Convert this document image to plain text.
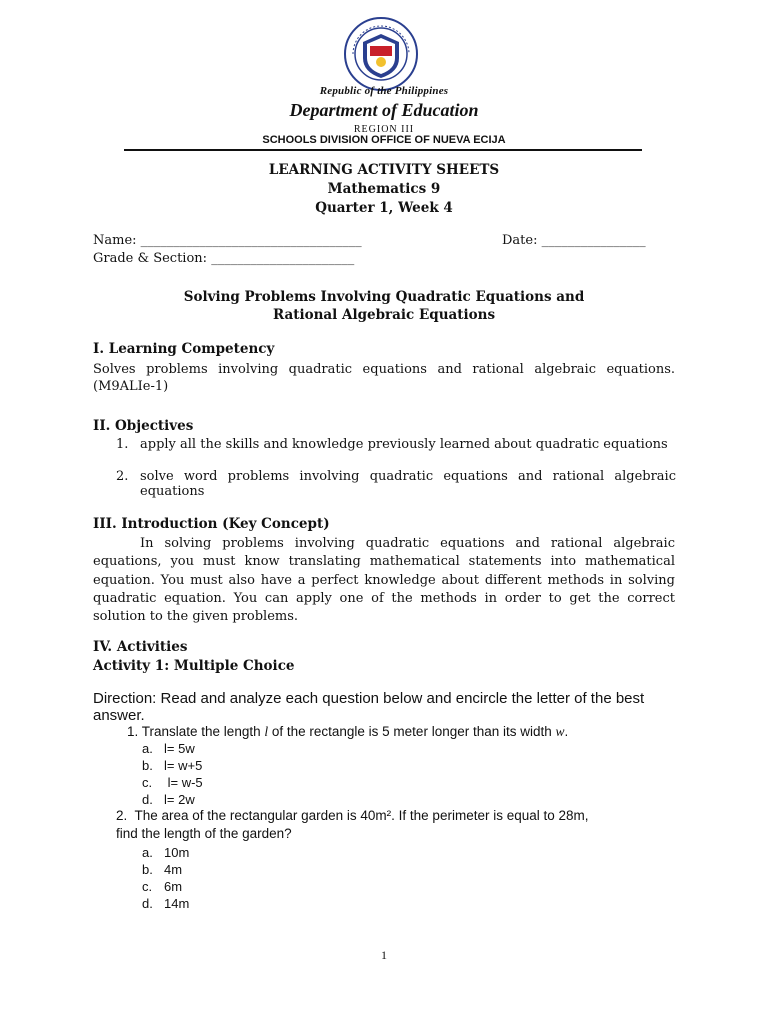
Republic of the Philippines
Department of Education
REGION III
SCHOOLS DIVISION OFFICE OF NUEVA ECIJA
LEARNING ACTIVITY SHEETS
Mathematics 9
Quarter 1, Week 4
Name: __________________________________	Date: ________________
Grade & Section: ______________________
Solving Problems Involving Quadratic Equations and
Rational Algebraic Equations
I. Learning Competency
Solves problems involving quadratic equations and rational algebraic equations. (M9ALIe-1)
II. Objectives
1. apply all the skills and knowledge previously learned about quadratic equations
2. solve word problems involving quadratic equations and rational algebraic equations
III. Introduction (Key Concept)
In solving problems involving quadratic equations and rational algebraic equations, you must know translating mathematical statements into mathematical equation. You must also have a perfect knowledge about different methods in solving quadratic equation. You can apply one of the methods in order to get the correct solution to the given problems.
IV. Activities
Activity 1: Multiple Choice
Direction: Read and analyze each question below and encircle the letter of the best answer.
1. Translate the length l of the rectangle is 5 meter longer than its width w.
a. l= 5w
b. l= w+5
c. l= w-5
d. l= 2w
2.  The area of the rectangular garden is 40m². If the perimeter is equal to 28m,
find the length of the garden?
a. 10m
b. 4m
c. 6m
d. 14m
1
